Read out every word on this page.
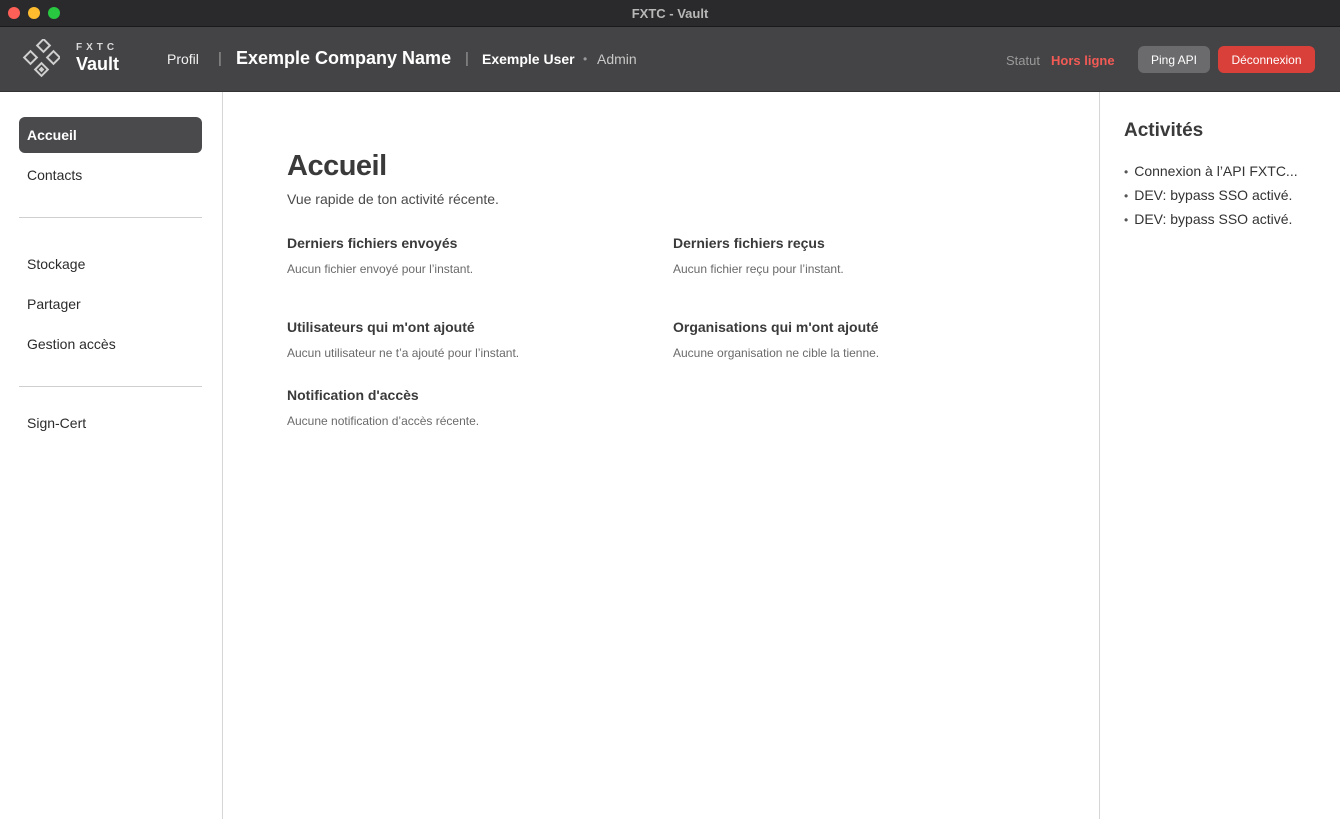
FXTC - Vault
FXTC
Vault	Profil | Exemple Company Name | Exemple User • Admin	Statut Hors ligne	Ping API	Déconnexion
Accueil
Contacts
Stockage
Partager
Gestion accès
Sign-Cert
Accueil
Vue rapide de ton activité récente.
Derniers fichiers envoyés
Aucun fichier envoyé pour l’instant.
Derniers fichiers reçus
Aucun fichier reçu pour l’instant.
Utilisateurs qui m'ont ajouté
Aucun utilisateur ne t’a ajouté pour l’instant.
Organisations qui m'ont ajouté
Aucune organisation ne cible la tienne.
Notification d'accès
Aucune notification d’accès récente.
Activités
• Connexion à l’API FXTC...
• DEV: bypass SSO activé.
• DEV: bypass SSO activé.
